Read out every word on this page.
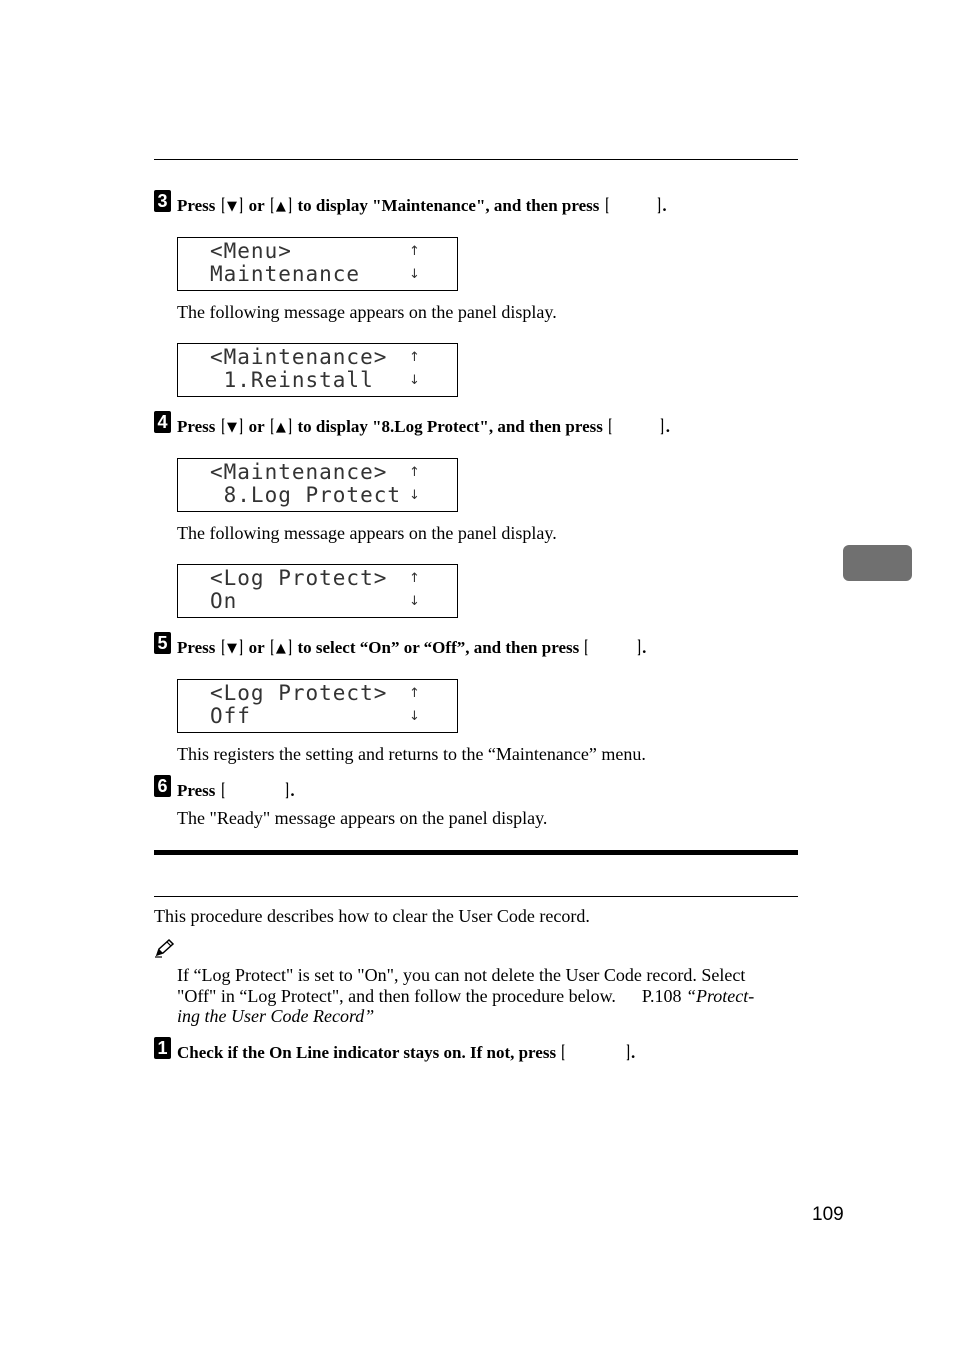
3 Press [ ▼ ] or [ ▲ ] to display "Maintenance", and then press [	].
<Menu>
Maintenance
↑
↓
The following message appears on the panel display.
<Maintenance>
1.Reinstall
↑
↓
4 Press [ ▼ ] or [ ▲ ] to display "8.Log Protect", and then press [	].
<Maintenance>
8.Log Protect
↑
↓
The following message appears on the panel display.
<Log Protect>
On
↑
↓
5 Press [ ▼ ] or [ ▲ ] to select “On” or “Off”, and then press [	].
<Log Protect>
Off
↑
↓
This registers the setting and returns to the “Maintenance” menu.
6 Press [	].
The "Ready" message appears on the panel display.
This procedure describes how to clear the User Code record.
If “Log Protect" is set to "On", you can not delete the User Code record. Select
"Off" in “Log Protect", and then follow the procedure below. P.108 “Protect-
ing the User Code Record”
1 Check if the On Line indicator stays on. If not, press [	].
109
